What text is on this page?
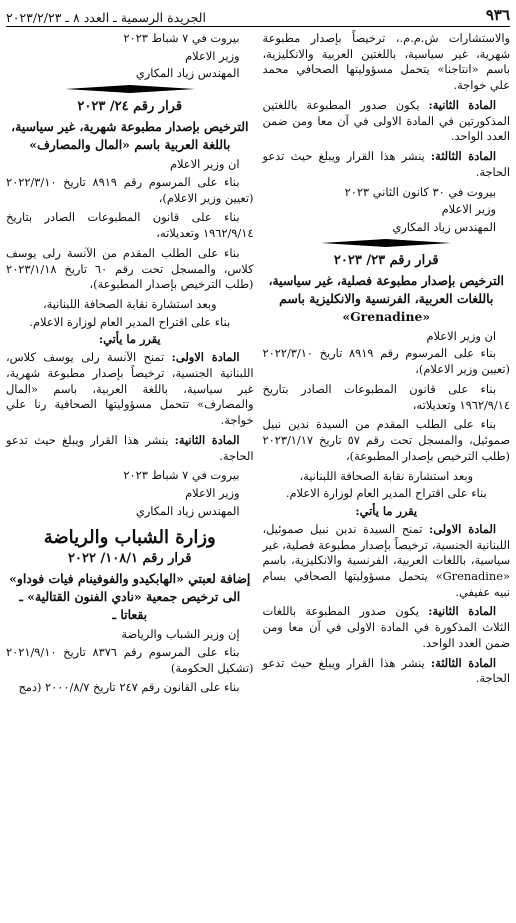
٩٣٦
الجريدة الرسمية ـ العدد ٨ ـ ٢٠٢٣/٢/٢٣

والاستشارات ش.م.م.، ترخيصاً بإصدار مطبوعة شهرية، غير سياسية، باللغتين العربية والانكليزية، باسم «انتاجنا» يتحمل مسؤوليتها الصحافي محمد علي خواجة.

المادة الثانية: يكون صدور المطبوعة باللغتين المذكورتين في المادة الاولى في آن معا ومن ضمن العدد الواحد.

المادة الثالثة: ينشر هذا القرار ويبلغ حيث تدعو الحاجة.

بيروت في ٣٠ كانون الثاني ٢٠٢٣

وزير الاعلام

المهندس زياد المكاري

قرار رقم ٢٣/ ٢٠٢٣

الترخيص بإصدار مطبوعة فصلية، غير سياسية، باللغات العربية، الفرنسية والانكليزية باسم «Grenadine»

ان وزير الاعلام

بناء على المرسوم رقم ٨٩١٩ تاريخ ٢٠٢٢/٣/١٠ (تعيين وزير الاعلام)،

بناء على قانون المطبوعات الصادر بتاريخ ١٩٦٢/٩/١٤ وتعديلاته،

بناء على الطلب المقدم من السيدة ندين نبيل صموئيل، والمسجل تحت رقم ٥٧ تاريخ ٢٠٢٣/١/١٧ (طلب الترخيص بإصدار المطبوعة)،

وبعد استشارة نقابة الصحافة اللبنانية،

بناء على اقتراح المدير العام لوزارة الاعلام.

يقرر ما يأتي:

المادة الاولى: تمنح السيدة ندين نبيل صموئيل، اللبنانية الجنسية، ترخيصاً بإصدار مطبوعة فصلية، غير سياسية، باللغات العربية، الفرنسية والانكليزية، باسم «Grenadine» يتحمل مسؤوليتها الصحافي بسام نبيه عفيفي.

المادة الثانية: يكون صدور المطبوعة باللغات الثلاث المذكورة في المادة الاولى في آن معا ومن ضمن العدد الواحد.

المادة الثالثة: ينشر هذا القرار ويبلغ حيث تدعو الحاجة.

بيروت في ٧ شباط ٢٠٢٣

وزير الاعلام

المهندس زياد المكاري

قرار رقم ٢٤/ ٢٠٢٣

الترخيص بإصدار مطبوعة شهرية، غير سياسية، باللغة العربية باسم «المال والمصارف»

ان وزير الاعلام

بناء على المرسوم رقم ٨٩١٩ تاريخ ٢٠٢٢/٣/١٠ (تعيين وزير الاعلام)،

بناء على قانون المطبوعات الصادر بتاريخ ١٩٦٢/٩/١٤ وتعديلاته،

بناء على الطلب المقدم من الآنسة رلى يوسف كلاس، والمسجل تحت رقم ٦٠ تاريخ ٢٠٢٣/١/١٨ (طلب الترخيص بإصدار المطبوعة)،

وبعد استشارة نقابة الصحافة اللبنانية،

بناء على اقتراح المدير العام لوزارة الاعلام.

يقرر ما يأتي:

المادة الاولى: تمنح الآنسة رلى يوسف كلاس، اللبنانية الجنسية، ترخيصاً بإصدار مطبوعة شهرية، غير سياسية، باللغة العربية، باسم «المال والمصارف» تتحمل مسؤوليتها الصحافية رنا علي خواجة.

المادة الثانية: ينشر هذا القرار ويبلغ حيث تدعو الحاجة.

بيروت في ٧ شباط ٢٠٢٣

وزير الاعلام

المهندس زياد المكاري

وزارة الشباب والرياضة

قرار رقم ١٠٨/١/ ٢٠٢٢

إضافة لعبتي «الهابكيدو والفوفينام فيات فوداو» الى ترخيص جمعية «نادي الفنون القتالية» ـ بقعاتا ـ

إن وزير الشباب والرياضة

بناء على المرسوم رقم ٨٣٧٦ تاريخ ٢٠٢١/٩/١٠ (تشكيل الحكومة)

بناء على القانون رقم ٢٤٧ تاريخ ٢٠٠٠/٨/٧ (دمج
